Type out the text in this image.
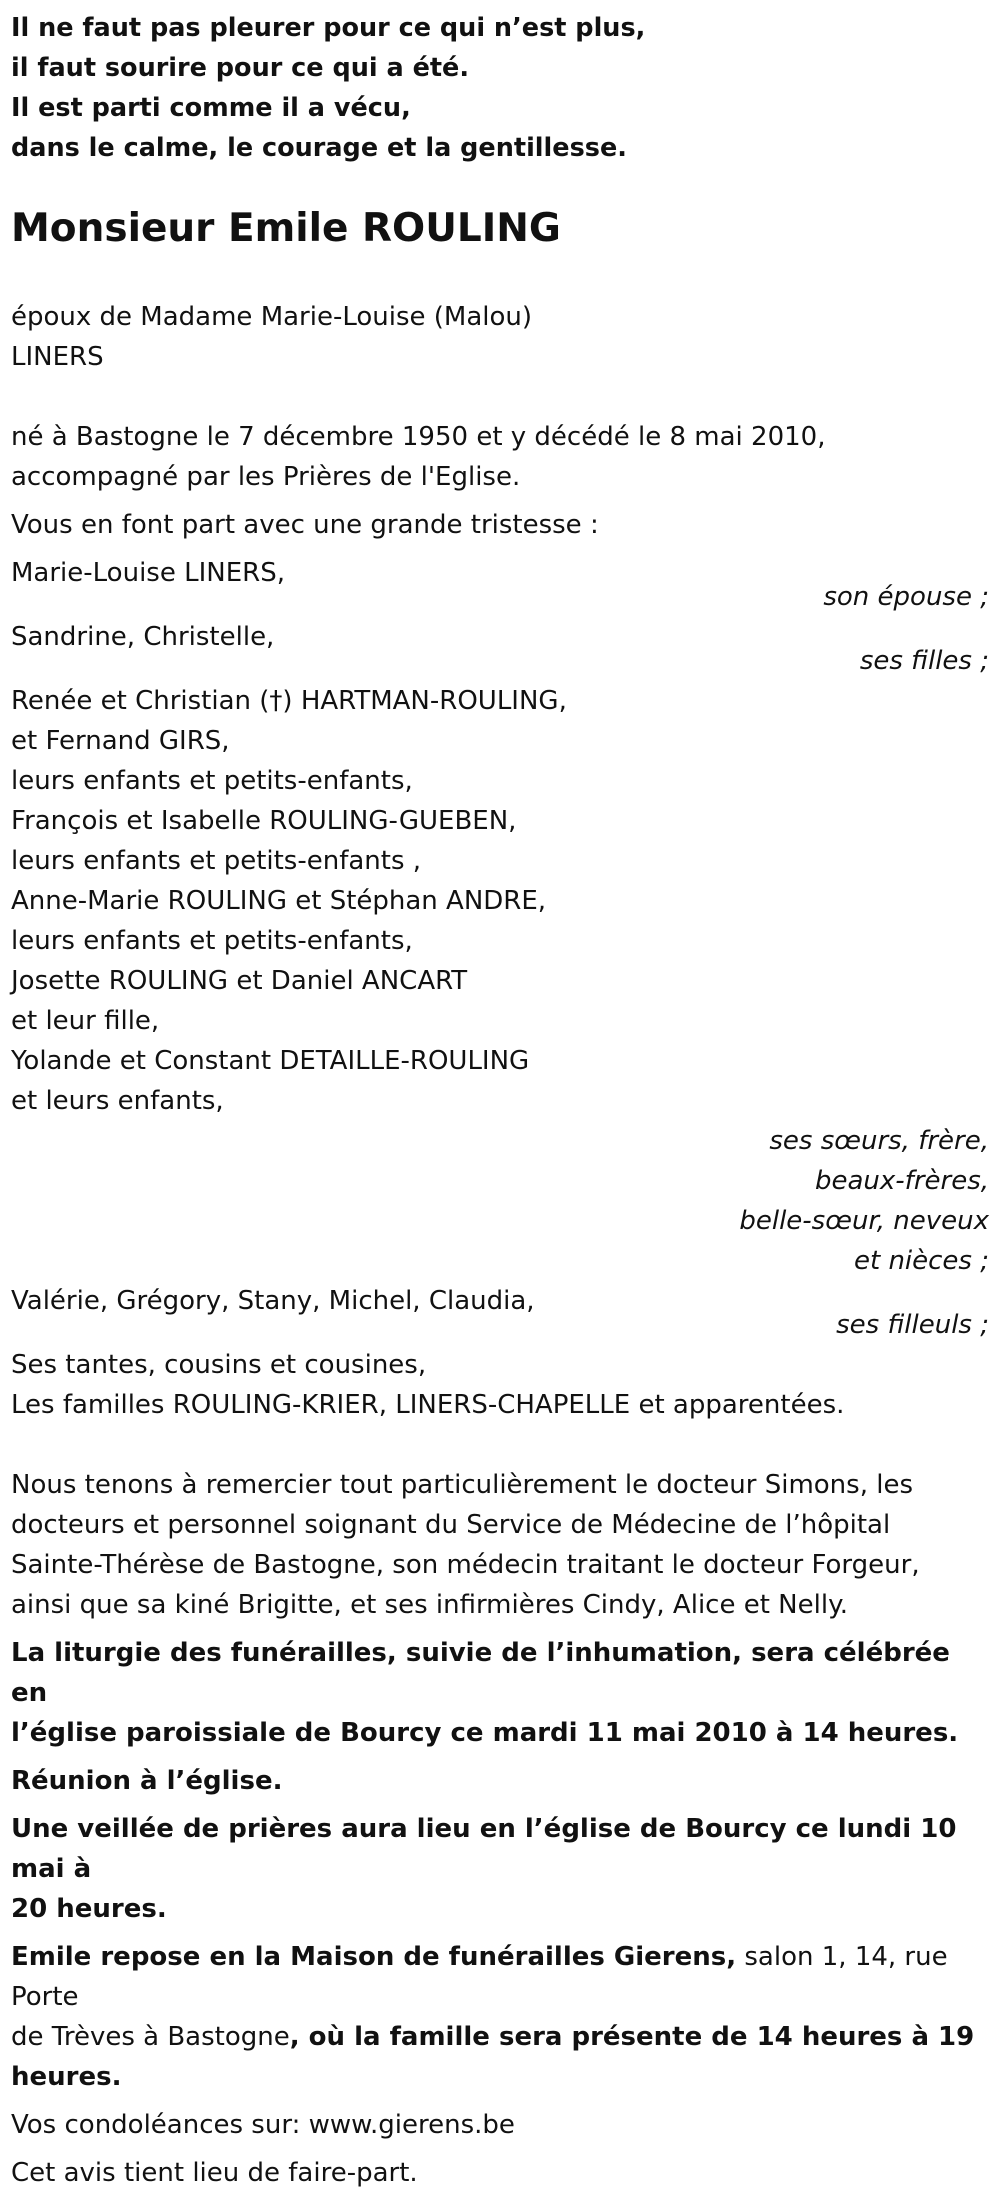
Il ne faut pas pleurer pour ce qui n’est plus,
il faut sourire pour ce qui a été.
Il est parti comme il a vécu,
dans le calme, le courage et la gentillesse.
Monsieur Emile ROULING
époux de Madame Marie-Louise (Malou)
LINERS
né à Bastogne le 7 décembre 1950 et y décédé le 8 mai 2010,
accompagné par les Prières de l'Eglise.
Vous en font part avec une grande tristesse :
Marie-Louise LINERS,
son épouse ;
Sandrine, Christelle,
ses filles ;
Renée et Christian (†) HARTMAN-ROULING,
et Fernand GIRS,
leurs enfants et petits-enfants,
François et Isabelle ROULING-GUEBEN,
leurs enfants et petits-enfants ,
Anne-Marie ROULING et Stéphan ANDRE,
leurs enfants et petits-enfants,
Josette ROULING et Daniel ANCART
et leur fille,
Yolande et Constant DETAILLE-ROULING
et leurs enfants,
ses sœurs, frère,
beaux-frères,
belle-sœur, neveux
et nièces ;
Valérie, Grégory, Stany, Michel, Claudia,
ses filleuls ;
Ses tantes, cousins et cousines,
Les familles ROULING-KRIER, LINERS-CHAPELLE et apparentées.
Nous tenons à remercier tout particulièrement le docteur Simons, les
docteurs et personnel soignant du Service de Médecine de l’hôpital
Sainte-Thérèse de Bastogne, son médecin traitant le docteur Forgeur,
ainsi que sa kiné Brigitte, et ses infirmières Cindy, Alice et Nelly.
La liturgie des funérailles, suivie de l’inhumation, sera célébrée en
l’église paroissiale de Bourcy ce mardi 11 mai 2010 à 14 heures.
Réunion à l’église.
Une veillée de prières aura lieu en l’église de Bourcy ce lundi 10 mai à
20 heures.
Emile repose en la Maison de funérailles Gierens, salon 1, 14, rue Porte
de Trèves à Bastogne, où la famille sera présente de 14 heures à 19
heures.
Vos condoléances sur: www.gierens.be
Cet avis tient lieu de faire-part.
